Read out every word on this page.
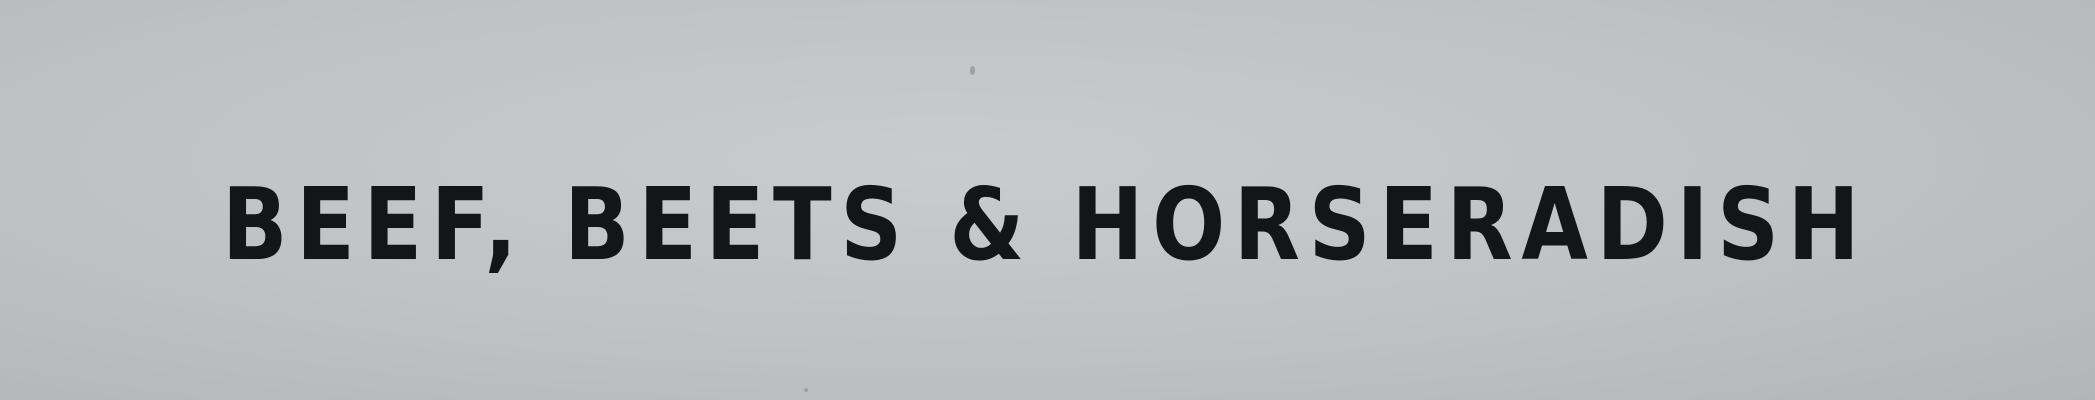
BEEF, BEETS & HORSERADISH
